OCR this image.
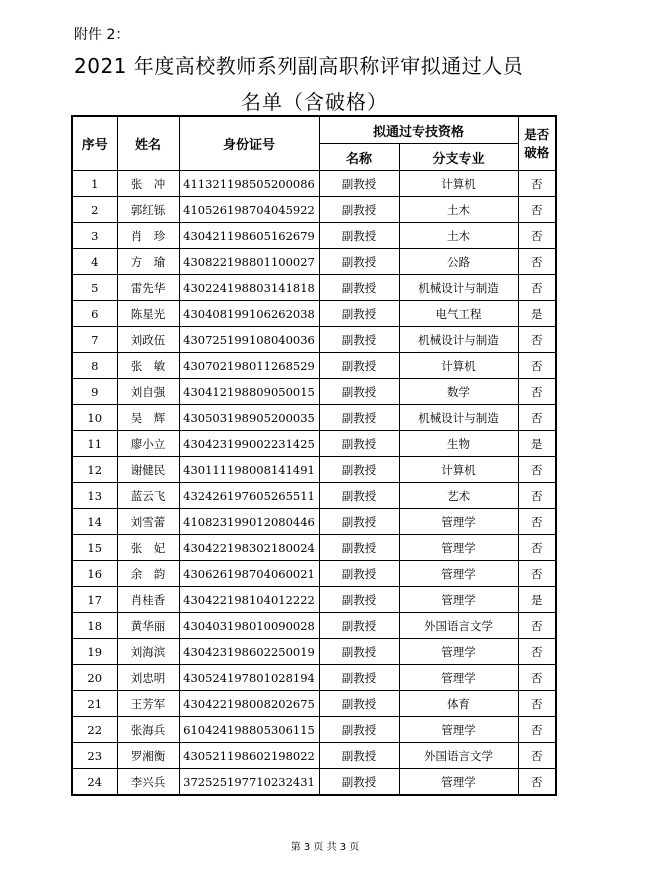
附件 2：
2021 年度高校教师系列副高职称评审拟通过人员
名单（含破格）
序号	姓名	身份证号	拟通过专技资格		是否破格
			名称	分支专业	
1	张　冲	411321198505200086	副教授	计算机	否
2	郭红铄	410526198704045922	副教授	土木	否
3	肖　珍	430421198605162679	副教授	土木	否
4	方　瑜	430822198801100027	副教授	公路	否
5	雷先华	430224198803141818	副教授	机械设计与制造	否
6	陈星光	430408199106262038	副教授	电气工程	是
7	刘政伍	430725199108040036	副教授	机械设计与制造	否
8	张　敏	430702198011268529	副教授	计算机	否
9	刘自强	430412198809050015	副教授	数学	否
10	吴　辉	430503198905200035	副教授	机械设计与制造	否
11	廖小立	430423199002231425	副教授	生物	是
12	谢健民	430111198008141491	副教授	计算机	否
13	蓝云飞	432426197605265511	副教授	艺术	否
14	刘雪蕾	410823199012080446	副教授	管理学	否
15	张　妃	430422198302180024	副教授	管理学	否
16	余　韵	430626198704060021	副教授	管理学	否
17	肖桂香	430422198104012222	副教授	管理学	是
18	黄华丽	430403198010090028	副教授	外国语言文学	否
19	刘海滨	430423198602250019	副教授	管理学	否
20	刘忠明	430524197801028194	副教授	管理学	否
21	王芳军	430422198008202675	副教授	体育	否
22	张海兵	610424198805306115	副教授	管理学	否
23	罗湘衡	430521198602198022	副教授	外国语言文学	否
24	李兴兵	372525197710232431	副教授	管理学	否
第 3 页 共 3 页
